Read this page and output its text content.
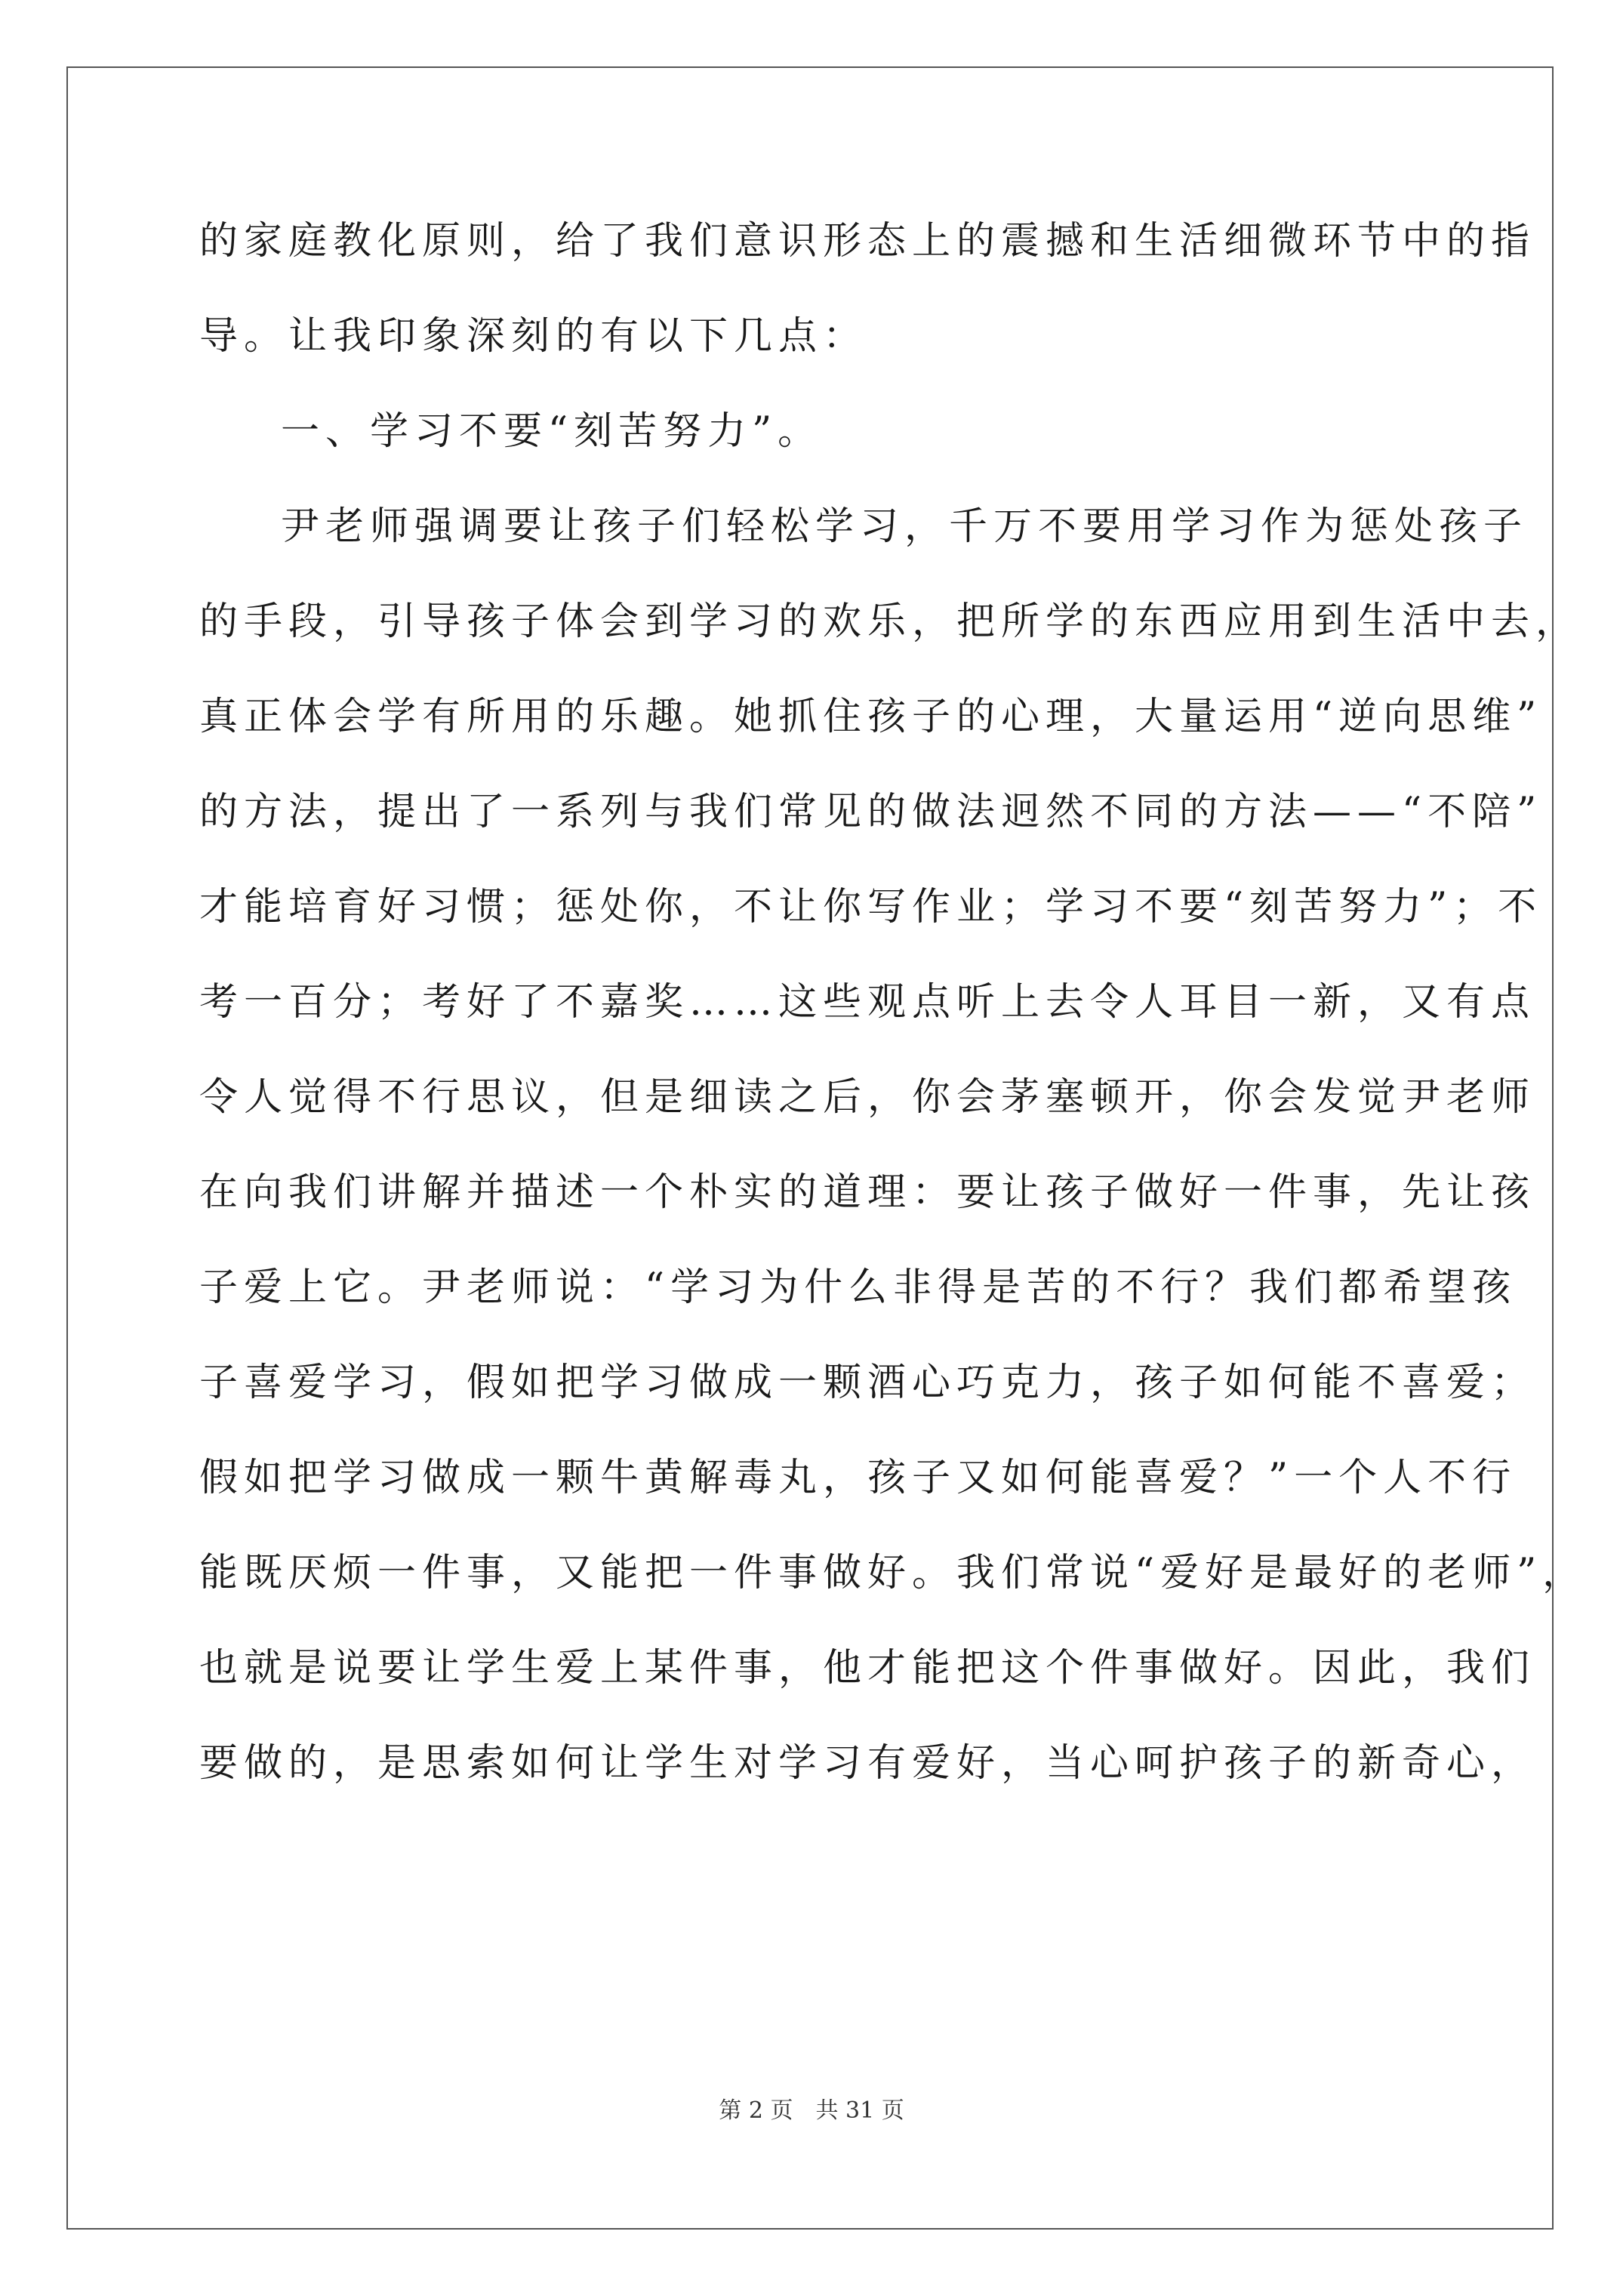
的家庭教化原则，给了我们意识形态上的震撼和生活细微环节中的指
导。让我印象深刻的有以下几点：
一、学习不要“刻苦努力”。
尹老师强调要让孩子们轻松学习，千万不要用学习作为惩处孩子
的手段，引导孩子体会到学习的欢乐，把所学的东西应用到生活中去，
真正体会学有所用的乐趣。她抓住孩子的心理，大量运用“逆向思维”
的方法，提出了一系列与我们常见的做法迥然不同的方法——“不陪”
才能培育好习惯；惩处你，不让你写作业；学习不要“刻苦努力”；不
考一百分；考好了不嘉奖……这些观点听上去令人耳目一新，又有点
令人觉得不行思议，但是细读之后，你会茅塞顿开，你会发觉尹老师
在向我们讲解并描述一个朴实的道理：要让孩子做好一件事，先让孩
子爱上它。尹老师说：“学习为什么非得是苦的不行？我们都希望孩
子喜爱学习，假如把学习做成一颗酒心巧克力，孩子如何能不喜爱；
假如把学习做成一颗牛黄解毒丸，孩子又如何能喜爱？”一个人不行
能既厌烦一件事，又能把一件事做好。我们常说“爱好是最好的老师”，
也就是说要让学生爱上某件事，他才能把这个件事做好。因此，我们
要做的，是思索如何让学生对学习有爱好，当心呵护孩子的新奇心，
第 2 页　共 31 页
